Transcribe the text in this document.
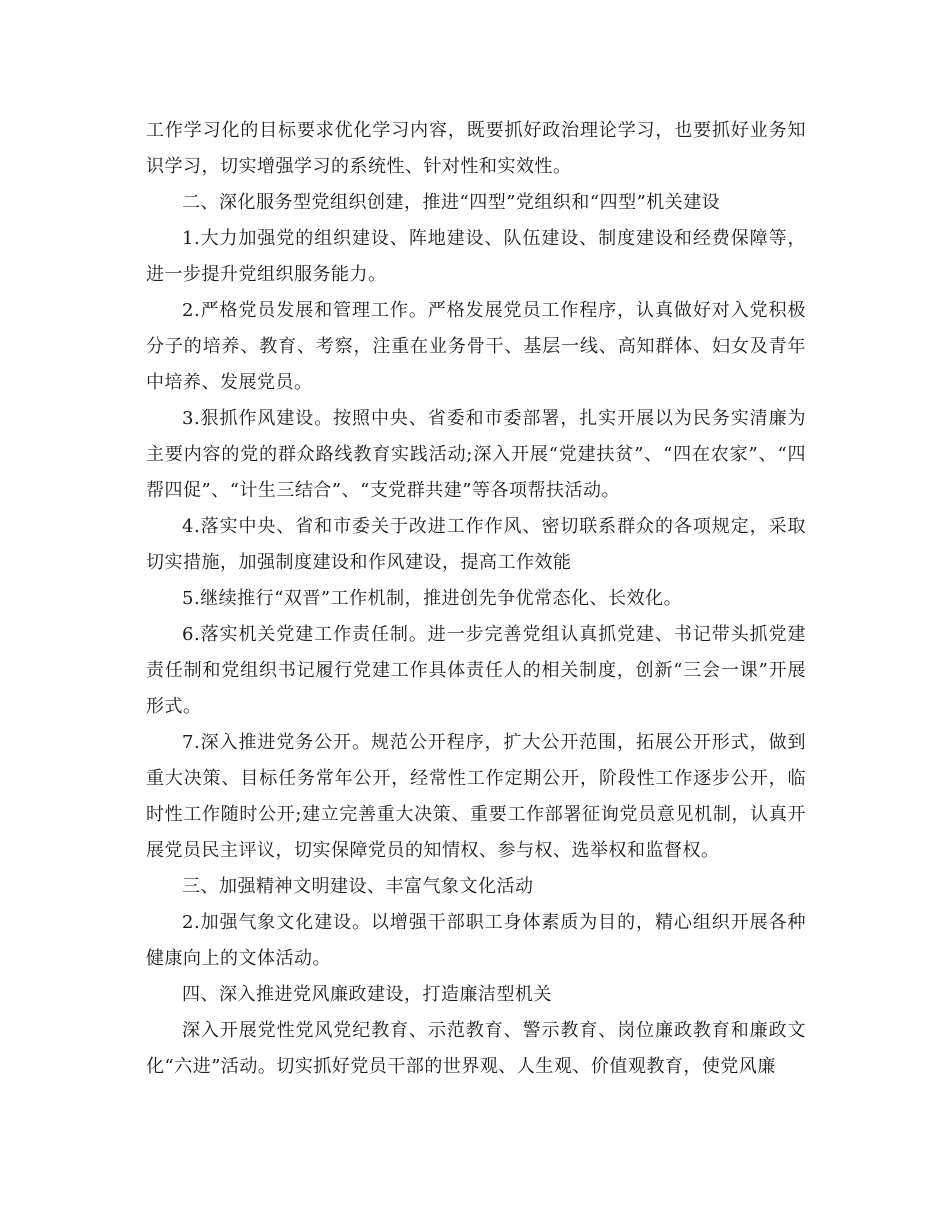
工作学习化的目标要求优化学习内容，既要抓好政治理论学习，也要抓好业务知识学习，切实增强学习的系统性、针对性和实效性。

二、深化服务型党组织创建，推进“四型”党组织和“四型”机关建设

1.大力加强党的组织建设、阵地建设、队伍建设、制度建设和经费保障等，进一步提升党组织服务能力。

2.严格党员发展和管理工作。严格发展党员工作程序，认真做好对入党积极分子的培养、教育、考察，注重在业务骨干、基层一线、高知群体、妇女及青年中培养、发展党员。

3.狠抓作风建设。按照中央、省委和市委部署，扎实开展以为民务实清廉为主要内容的党的群众路线教育实践活动;深入开展“党建扶贫”、“四在农家”、“四帮四促”、“计生三结合”、“支党群共建”等各项帮扶活动。

4.落实中央、省和市委关于改进工作作风、密切联系群众的各项规定，采取切实措施，加强制度建设和作风建设，提高工作效能

5.继续推行“双晋”工作机制，推进创先争优常态化、长效化。

6.落实机关党建工作责任制。进一步完善党组认真抓党建、书记带头抓党建责任制和党组织书记履行党建工作具体责任人的相关制度，创新“三会一课”开展形式。

7.深入推进党务公开。规范公开程序，扩大公开范围，拓展公开形式，做到重大决策、目标任务常年公开，经常性工作定期公开，阶段性工作逐步公开，临时性工作随时公开;建立完善重大决策、重要工作部署征询党员意见机制，认真开展党员民主评议，切实保障党员的知情权、参与权、选举权和监督权。

三、加强精神文明建设、丰富气象文化活动

2.加强气象文化建设。以增强干部职工身体素质为目的，精心组织开展各种健康向上的文体活动。

四、深入推进党风廉政建设，打造廉洁型机关

深入开展党性党风党纪教育、示范教育、警示教育、岗位廉政教育和廉政文化“六进”活动。切实抓好党员干部的世界观、人生观、价值观教育，使党风廉
